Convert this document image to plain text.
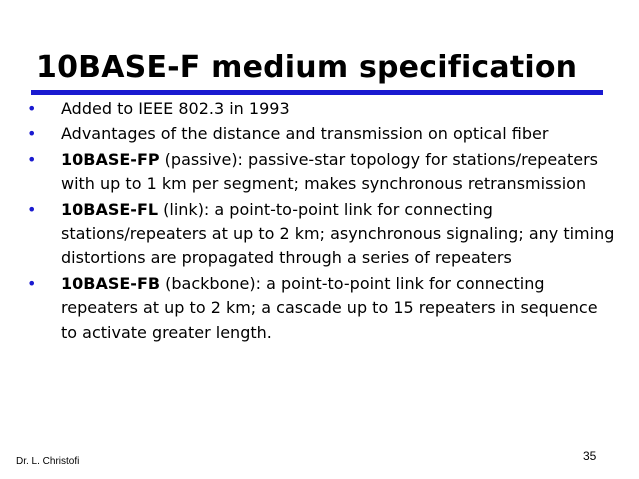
10BASE-F medium specification
•	Added to IEEE 802.3 in 1993
•	Advantages of the distance and transmission on optical fiber
•	10BASE-FP (passive): passive-star topology for stations/repeaters with up to 1 km per segment; makes synchronous retransmission
•	10BASE-FL (link): a point-to-point link for connecting stations/repeaters at up to 2 km; asynchronous signaling; any timing distortions are propagated through a series of repeaters
•	10BASE-FB (backbone): a point-to-point link for connecting repeaters at up to 2 km; a cascade up to 15 repeaters in sequence to activate greater length.
Dr. L. Christofi	35
